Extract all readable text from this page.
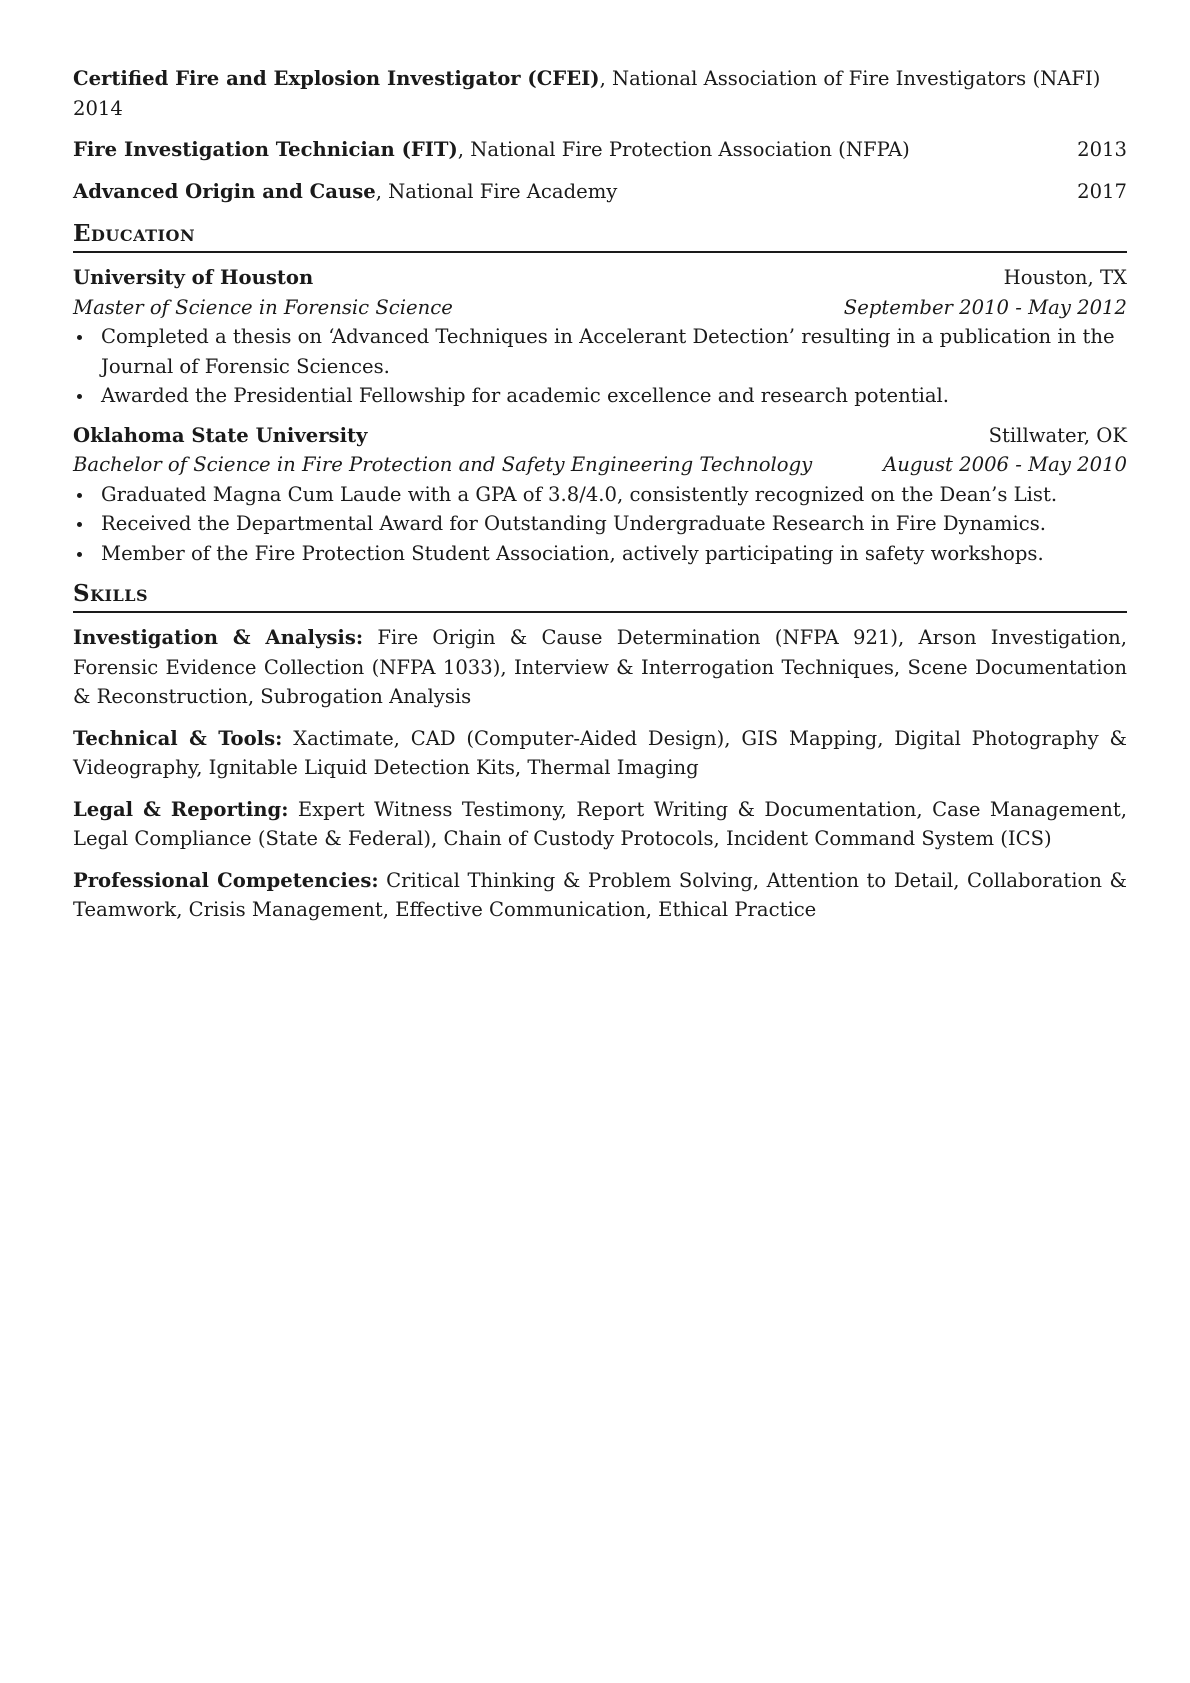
Certified Fire and Explosion Investigator (CFEI), National Association of Fire Investigators (NAFI)
2014
Fire Investigation Technician (FIT), National Fire Protection Association (NFPA)	2013
Advanced Origin and Cause, National Fire Academy	2017
Education
University of Houston	Houston, TX
Master of Science in Forensic Science	September 2010 - May 2012
Completed a thesis on ‘Advanced Techniques in Accelerant Detection’ resulting in a publication in the Journal of Forensic Sciences.
Awarded the Presidential Fellowship for academic excellence and research potential.
Oklahoma State University	Stillwater, OK
Bachelor of Science in Fire Protection and Safety Engineering Technology	August 2006 - May 2010
Graduated Magna Cum Laude with a GPA of 3.8/4.0, consistently recognized on the Dean’s List.
Received the Departmental Award for Outstanding Undergraduate Research in Fire Dynamics.
Member of the Fire Protection Student Association, actively participating in safety workshops.
Skills
Investigation & Analysis: Fire Origin & Cause Determination (NFPA 921), Arson Investigation, Forensic Evidence Collection (NFPA 1033), Interview & Interrogation Techniques, Scene Documentation & Reconstruction, Subrogation Analysis
Technical & Tools: Xactimate, CAD (Computer-Aided Design), GIS Mapping, Digital Photography & Videography, Ignitable Liquid Detection Kits, Thermal Imaging
Legal & Reporting: Expert Witness Testimony, Report Writing & Documentation, Case Management, Legal Compliance (State & Federal), Chain of Custody Protocols, Incident Command System (ICS)
Professional Competencies: Critical Thinking & Problem Solving, Attention to Detail, Collaboration & Teamwork, Crisis Management, Effective Communication, Ethical Practice
